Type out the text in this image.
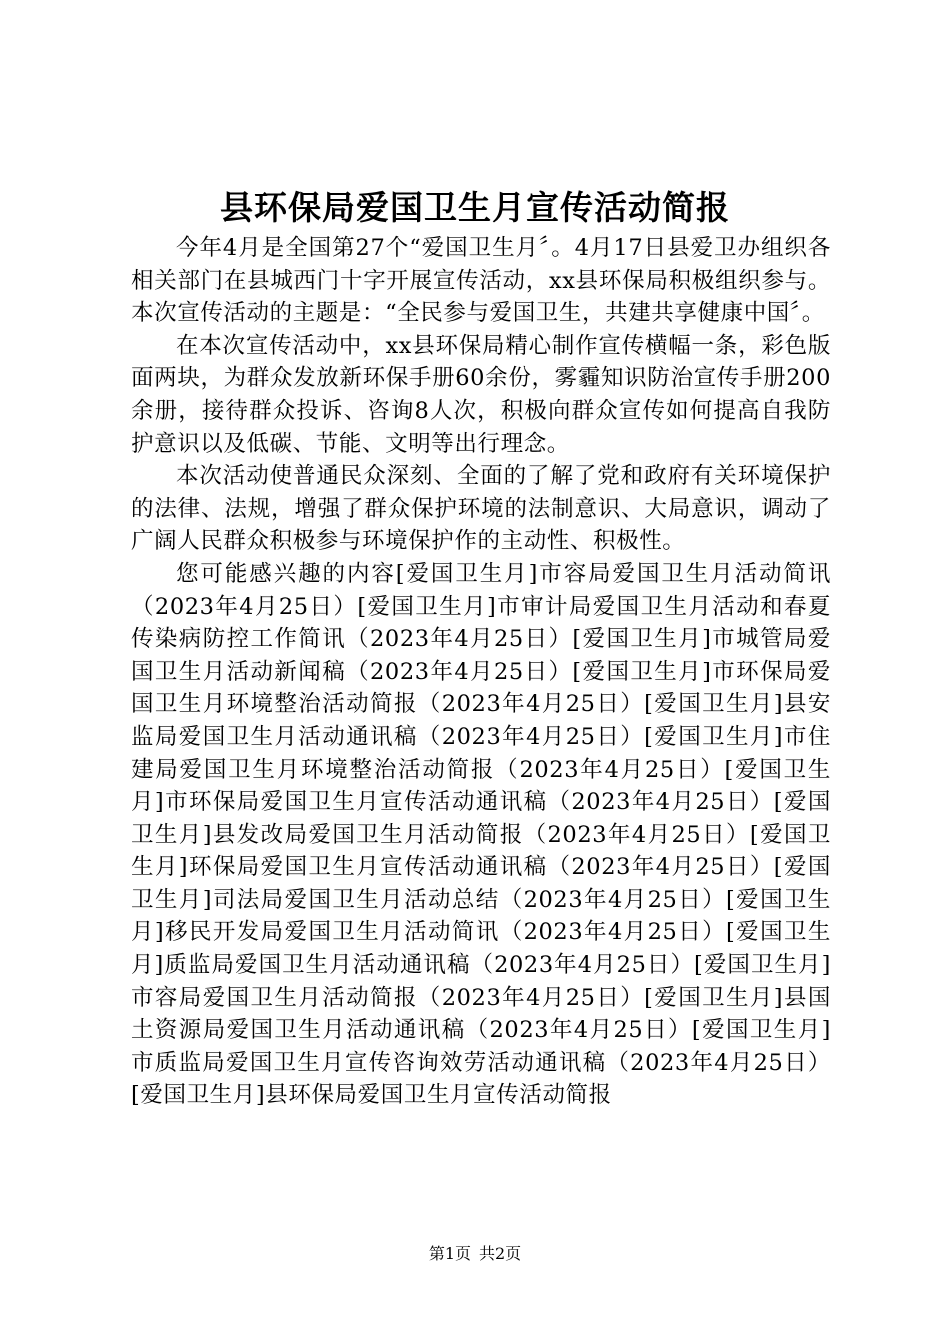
县环保局爱国卫生月宣传活动简报

今年4月是全国第27个“爱国卫生月〞。4月17日县爱卫办组织各相关部门在县城西门十字开展宣传活动，xx县环保局积极组织参与。本次宣传活动的主题是：“全民参与爱国卫生，共建共享健康中国〞。

在本次宣传活动中，xx县环保局精心制作宣传横幅一条，彩色版面两块，为群众发放新环保手册60余份，雾霾知识防治宣传手册200余册，接待群众投诉、咨询8人次，积极向群众宣传如何提高自我防护意识以及低碳、节能、文明等出行理念。

本次活动使普通民众深刻、全面的了解了党和政府有关环境保护的法律、法规，增强了群众保护环境的法制意识、大局意识，调动了广阔人民群众积极参与环境保护作的主动性、积极性。

您可能感兴趣的内容[爱国卫生月]市容局爱国卫生月活动简讯（2023年4月25日）[爱国卫生月]市审计局爱国卫生月活动和春夏传染病防控工作简讯（2023年4月25日）[爱国卫生月]市城管局爱国卫生月活动新闻稿（2023年4月25日）[爱国卫生月]市环保局爱国卫生月环境整治活动简报（2023年4月25日）[爱国卫生月]县安监局爱国卫生月活动通讯稿（2023年4月25日）[爱国卫生月]市住建局爱国卫生月环境整治活动简报（2023年4月25日）[爱国卫生月]市环保局爱国卫生月宣传活动通讯稿（2023年4月25日）[爱国卫生月]县发改局爱国卫生月活动简报（2023年4月25日）[爱国卫生月]环保局爱国卫生月宣传活动通讯稿（2023年4月25日）[爱国卫生月]司法局爱国卫生月活动总结（2023年4月25日）[爱国卫生月]移民开发局爱国卫生月活动简讯（2023年4月25日）[爱国卫生月]质监局爱国卫生月活动通讯稿（2023年4月25日）[爱国卫生月]市容局爱国卫生月活动简报（2023年4月25日）[爱国卫生月]县国土资源局爱国卫生月活动通讯稿（2023年4月25日）[爱国卫生月]市质监局爱国卫生月宣传咨询效劳活动通讯稿（2023年4月25日）[爱国卫生月]县环保局爱国卫生月宣传活动简报

第1页 共2页
